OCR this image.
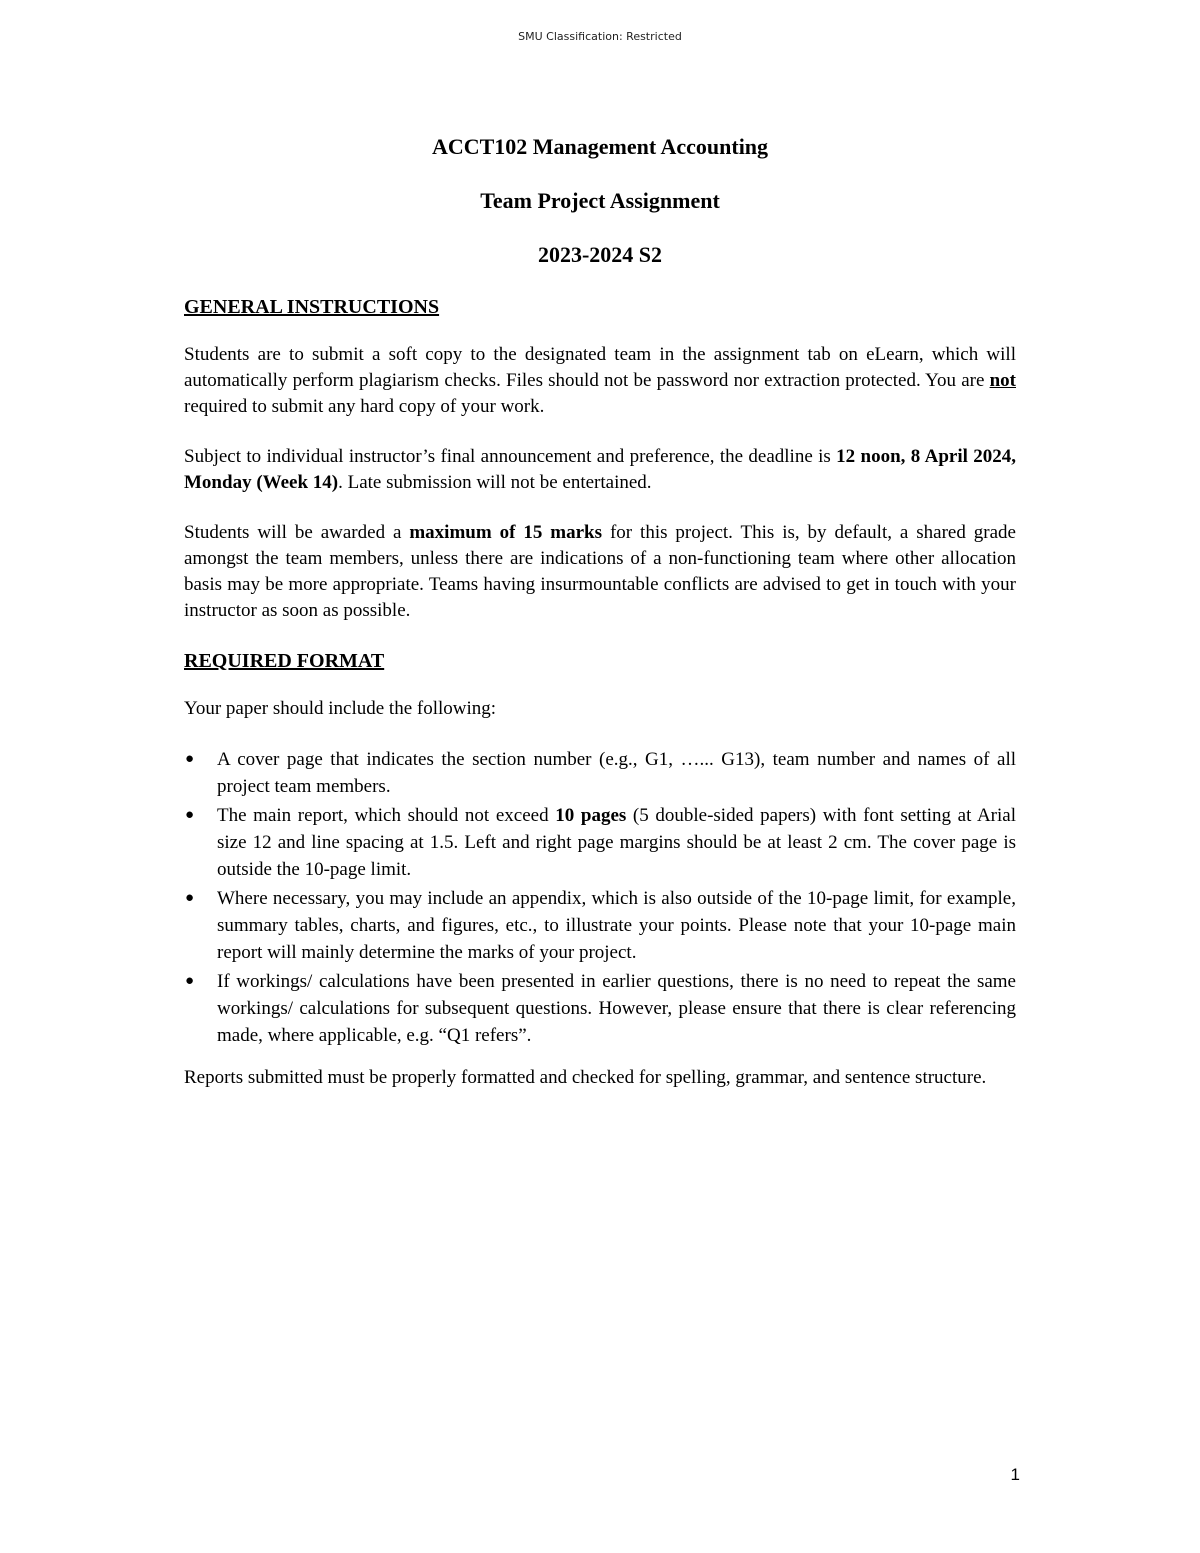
SMU Classification: Restricted
ACCT102 Management Accounting
Team Project Assignment
2023-2024 S2
GENERAL INSTRUCTIONS

Students are to submit a soft copy to the designated team in the assignment tab on eLearn, which will automatically perform plagiarism checks. Files should not be password nor extraction protected. You are not required to submit any hard copy of your work.

Subject to individual instructor’s final announcement and preference, the deadline is 12 noon, 8 April 2024, Monday (Week 14). Late submission will not be entertained.

Students will be awarded a maximum of 15 marks for this project. This is, by default, a shared grade amongst the team members, unless there are indications of a non-functioning team where other allocation basis may be more appropriate. Teams having insurmountable conflicts are advised to get in touch with your instructor as soon as possible.

REQUIRED FORMAT

Your paper should include the following:

● A cover page that indicates the section number (e.g., G1, …... G13), team number and names of all project team members.
● The main report, which should not exceed 10 pages (5 double-sided papers) with font setting at Arial size 12 and line spacing at 1.5. Left and right page margins should be at least 2 cm. The cover page is outside the 10-page limit.
● Where necessary, you may include an appendix, which is also outside of the 10-page limit, for example, summary tables, charts, and figures, etc., to illustrate your points. Please note that your 10-page main report will mainly determine the marks of your project.
● If workings/ calculations have been presented in earlier questions, there is no need to repeat the same workings/ calculations for subsequent questions. However, please ensure that there is clear referencing made, where applicable, e.g. “Q1 refers”.

Reports submitted must be properly formatted and checked for spelling, grammar, and sentence structure.

1
